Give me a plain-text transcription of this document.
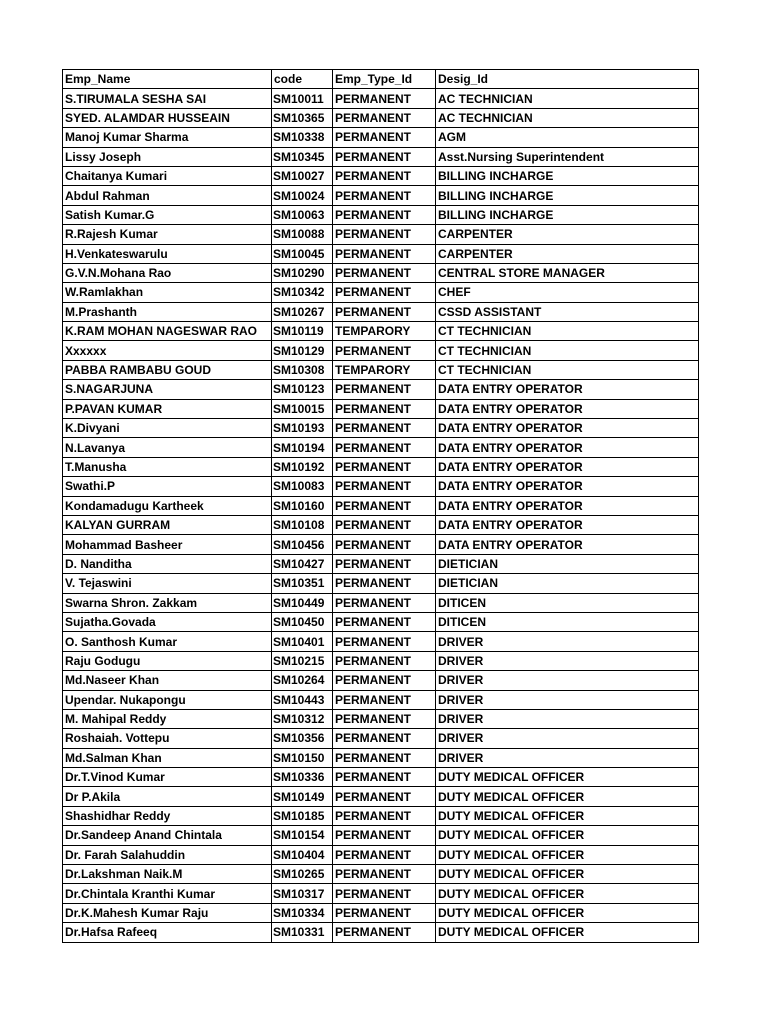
Emp_Name	code	Emp_Type_Id	Desig_Id
S.TIRUMALA SESHA SAI	SM10011	PERMANENT	AC TECHNICIAN
SYED. ALAMDAR HUSSEAIN	SM10365	PERMANENT	AC TECHNICIAN
Manoj Kumar Sharma	SM10338	PERMANENT	AGM
Lissy Joseph	SM10345	PERMANENT	Asst.Nursing Superintendent
Chaitanya Kumari	SM10027	PERMANENT	BILLING INCHARGE
Abdul Rahman	SM10024	PERMANENT	BILLING INCHARGE
Satish Kumar.G	SM10063	PERMANENT	BILLING INCHARGE
R.Rajesh Kumar	SM10088	PERMANENT	CARPENTER
H.Venkateswarulu	SM10045	PERMANENT	CARPENTER
G.V.N.Mohana Rao	SM10290	PERMANENT	CENTRAL STORE MANAGER
W.Ramlakhan	SM10342	PERMANENT	CHEF
M.Prashanth	SM10267	PERMANENT	CSSD ASSISTANT
K.RAM MOHAN NAGESWAR RAO	SM10119	TEMPARORY	CT TECHNICIAN
Xxxxxx	SM10129	PERMANENT	CT TECHNICIAN
PABBA RAMBABU GOUD	SM10308	TEMPARORY	CT TECHNICIAN
S.NAGARJUNA	SM10123	PERMANENT	DATA ENTRY OPERATOR
P.PAVAN KUMAR	SM10015	PERMANENT	DATA ENTRY OPERATOR
K.Divyani	SM10193	PERMANENT	DATA ENTRY OPERATOR
N.Lavanya	SM10194	PERMANENT	DATA ENTRY OPERATOR
T.Manusha	SM10192	PERMANENT	DATA ENTRY OPERATOR
Swathi.P	SM10083	PERMANENT	DATA ENTRY OPERATOR
Kondamadugu Kartheek	SM10160	PERMANENT	DATA ENTRY OPERATOR
KALYAN GURRAM	SM10108	PERMANENT	DATA ENTRY OPERATOR
Mohammad Basheer	SM10456	PERMANENT	DATA ENTRY OPERATOR
D. Nanditha	SM10427	PERMANENT	DIETICIAN
V. Tejaswini	SM10351	PERMANENT	DIETICIAN
Swarna Shron. Zakkam	SM10449	PERMANENT	DITICEN
Sujatha.Govada	SM10450	PERMANENT	DITICEN
O. Santhosh Kumar	SM10401	PERMANENT	DRIVER
Raju Godugu	SM10215	PERMANENT	DRIVER
Md.Naseer Khan	SM10264	PERMANENT	DRIVER
Upendar. Nukapongu	SM10443	PERMANENT	DRIVER
M. Mahipal Reddy	SM10312	PERMANENT	DRIVER
Roshaiah. Vottepu	SM10356	PERMANENT	DRIVER
Md.Salman Khan	SM10150	PERMANENT	DRIVER
Dr.T.Vinod Kumar	SM10336	PERMANENT	DUTY MEDICAL OFFICER
Dr P.Akila	SM10149	PERMANENT	DUTY MEDICAL OFFICER
Shashidhar Reddy	SM10185	PERMANENT	DUTY MEDICAL OFFICER
Dr.Sandeep Anand Chintala	SM10154	PERMANENT	DUTY MEDICAL OFFICER
Dr. Farah Salahuddin	SM10404	PERMANENT	DUTY MEDICAL OFFICER
Dr.Lakshman Naik.M	SM10265	PERMANENT	DUTY MEDICAL OFFICER
Dr.Chintala Kranthi Kumar	SM10317	PERMANENT	DUTY MEDICAL OFFICER
Dr.K.Mahesh Kumar Raju	SM10334	PERMANENT	DUTY MEDICAL OFFICER
Dr.Hafsa Rafeeq	SM10331	PERMANENT	DUTY MEDICAL OFFICER
